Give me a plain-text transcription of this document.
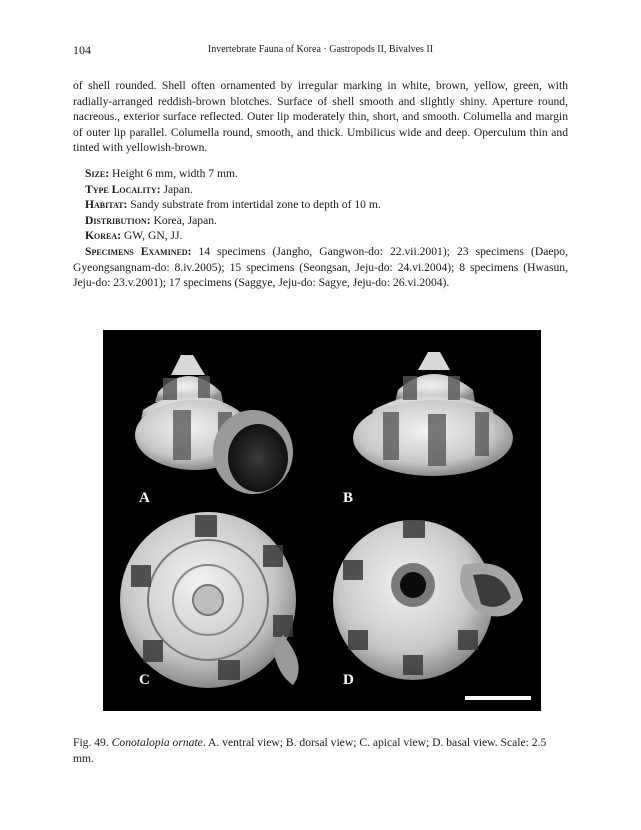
104	Invertebrate Fauna of Korea · Gastropods II, Bivalves II

of shell rounded. Shell often ornamented by irregular marking in white, brown, yellow, green, with radially-arranged reddish-brown blotches. Surface of shell smooth and slightly shiny. Aperture round, nacreous., exterior surface reflected. Outer lip moderately thin, short, and smooth. Columella and margin of outer lip parallel. Columella round, smooth, and thick. Umbilicus wide and deep. Operculum thin and tinted with yellowish-brown.

Size: Height 6 mm, width 7 mm.

Type Locality: Japan.

Habitat: Sandy substrate from intertidal zone to depth of 10 m.

Distribution: Korea, Japan.

Korea: GW, GN, JJ.

Specimens Examined: 14 specimens (Jangho, Gangwon-do: 22.vii.2001); 23 specimens (Daepo, Gyeongsangnam-do: 8.iv.2005); 15 specimens (Seongsan, Jeju-do: 24.vi.2004); 8 specimens (Hwasun, Jeju-do: 23.v.2001); 17 specimens (Saggye, Jeju-do: Sagye, Jeju-do: 26.vi.2004).

A	B
C	D
Fig. 49. Conotalopia ornate. A. ventral view; B. dorsal view; C. apical view; D. basal view. Scale: 2.5 mm.
